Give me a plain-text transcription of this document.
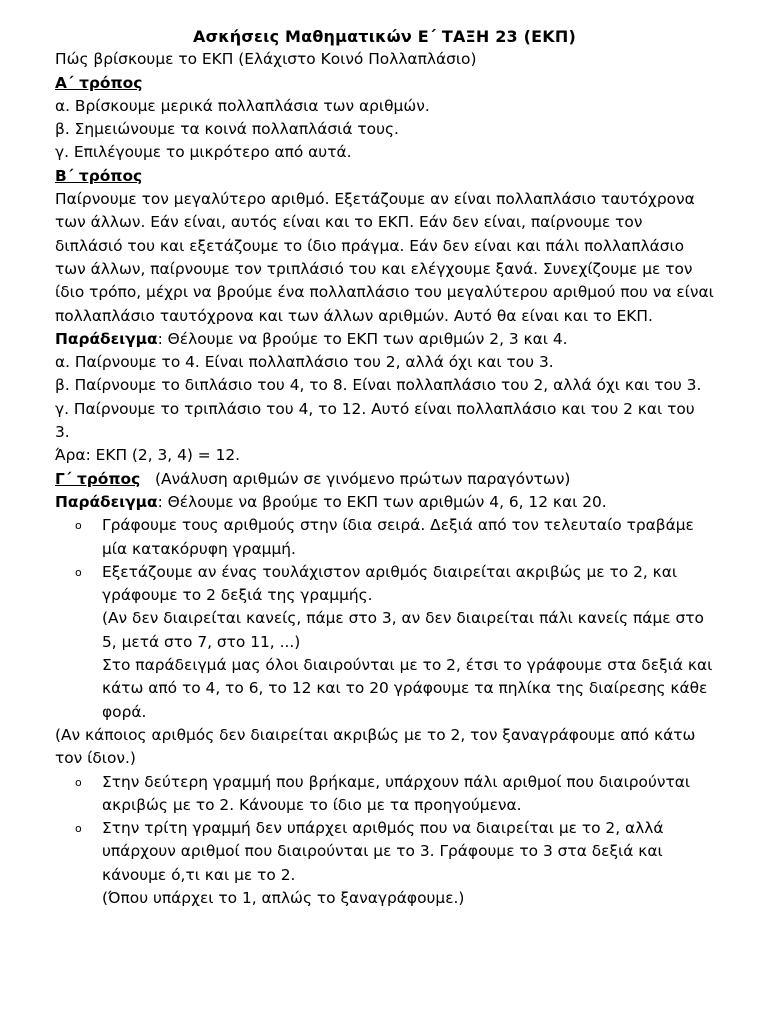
Ασκήσεις Μαθηματικών Ε΄ ΤΑΞΗ 23 (ΕΚΠ)
Πώς βρίσκουμε το ΕΚΠ (Ελάχιστο Κοινό Πολλαπλάσιο)
Α΄ τρόπος
α. Βρίσκουμε μερικά πολλαπλάσια των αριθμών.
β. Σημειώνουμε τα κοινά πολλαπλάσιά τους.
γ. Επιλέγουμε το μικρότερο από αυτά.
Β΄ τρόπος
Παίρνουμε τον μεγαλύτερο αριθμό. Εξετάζουμε αν είναι πολλαπλάσιο ταυτόχρονα των άλλων. Εάν είναι, αυτός είναι και το ΕΚΠ. Εάν δεν είναι, παίρνουμε τον διπλάσιό του και εξετάζουμε το ίδιο πράγμα. Εάν δεν είναι και πάλι πολλαπλάσιο των άλλων, παίρνουμε τον τριπλάσιό του και ελέγχουμε ξανά. Συνεχίζουμε με τον ίδιο τρόπο, μέχρι να βρούμε ένα πολλαπλάσιο του μεγαλύτερου αριθμού που να είναι πολλαπλάσιο ταυτόχρονα και των άλλων αριθμών. Αυτό θα είναι και το ΕΚΠ.
Παράδειγμα: Θέλουμε να βρούμε το ΕΚΠ των αριθμών 2, 3 και 4.
α. Παίρνουμε το 4. Είναι πολλαπλάσιο του 2, αλλά όχι και του 3.
β. Παίρνουμε το διπλάσιο του 4, το 8. Είναι πολλαπλάσιο του 2, αλλά όχι και του 3.
γ. Παίρνουμε το τριπλάσιο του 4, το 12. Αυτό είναι πολλαπλάσιο και του 2 και του 3.
Άρα: ΕΚΠ (2, 3, 4) = 12.
Γ΄ τρόπος (Ανάλυση αριθμών σε γινόμενο πρώτων παραγόντων)
Παράδειγμα: Θέλουμε να βρούμε το ΕΚΠ των αριθμών 4, 6, 12 και 20.
o Γράφουμε τους αριθμούς στην ίδια σειρά. Δεξιά από τον τελευταίο τραβάμε μία κατακόρυφη γραμμή.
o Εξετάζουμε αν ένας τουλάχιστον αριθμός διαιρείται ακριβώς με το 2, και γράφουμε το 2 δεξιά της γραμμής.
(Αν δεν διαιρείται κανείς, πάμε στο 3, αν δεν διαιρείται πάλι κανείς πάμε στο 5, μετά στο 7, στο 11, ...)
Στο παράδειγμά μας όλοι διαιρούνται με το 2, έτσι το γράφουμε στα δεξιά και κάτω από το 4, το 6, το 12 και το 20 γράφουμε τα πηλίκα της διαίρεσης κάθε φορά.
(Αν κάποιος αριθμός δεν διαιρείται ακριβώς με το 2, τον ξαναγράφουμε από κάτω τον ίδιον.)
o Στην δεύτερη γραμμή που βρήκαμε, υπάρχουν πάλι αριθμοί που διαιρούνται ακριβώς με το 2. Κάνουμε το ίδιο με τα προηγούμενα.
o Στην τρίτη γραμμή δεν υπάρχει αριθμός που να διαιρείται με το 2, αλλά υπάρχουν αριθμοί που διαιρούνται με το 3. Γράφουμε το 3 στα δεξιά και κάνουμε ό,τι και με το 2.
(Όπου υπάρχει το 1, απλώς το ξαναγράφουμε.)
